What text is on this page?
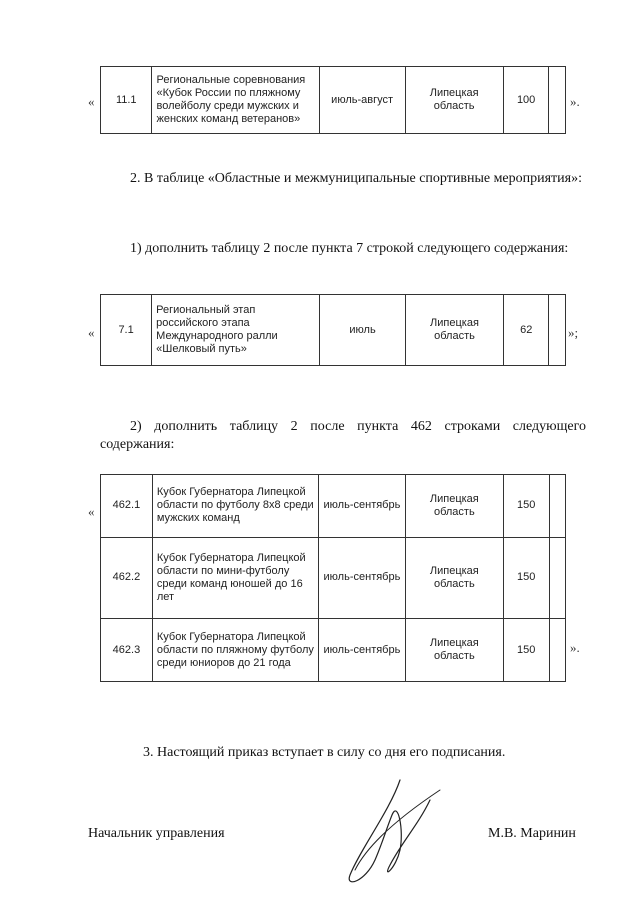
« 11.1	Региональные соревнования «Кубок России по пляжному волейболу среди мужских и женских команд ветеранов»	июль-август	Липецкая область	100		».
2. В таблице «Областные и межмуниципальные спортивные мероприятия»:
1) дополнить таблицу 2 после пункта 7 строкой следующего содержания:
« 7.1	Региональный этап российского этапа Международного ралли «Шелковый путь»	июль	Липецкая область	62		»;
2) дополнить таблицу 2 после пункта 462 строками следующего содержания:
« 462.1	Кубок Губернатора Липецкой области по футболу 8х8 среди мужских команд	июль-сентябрь	Липецкая область	150	
462.2	Кубок Губернатора Липецкой области по мини-футболу среди команд юношей до 16 лет	июль-сентябрь	Липецкая область	150	
462.3	Кубок Губернатора Липецкой области по пляжному футболу среди юниоров до 21 года	июль-сентябрь	Липецкая область	150		».
3. Настоящий приказ вступает в силу со дня его подписания.
Начальник управления	М.В. Маринин
